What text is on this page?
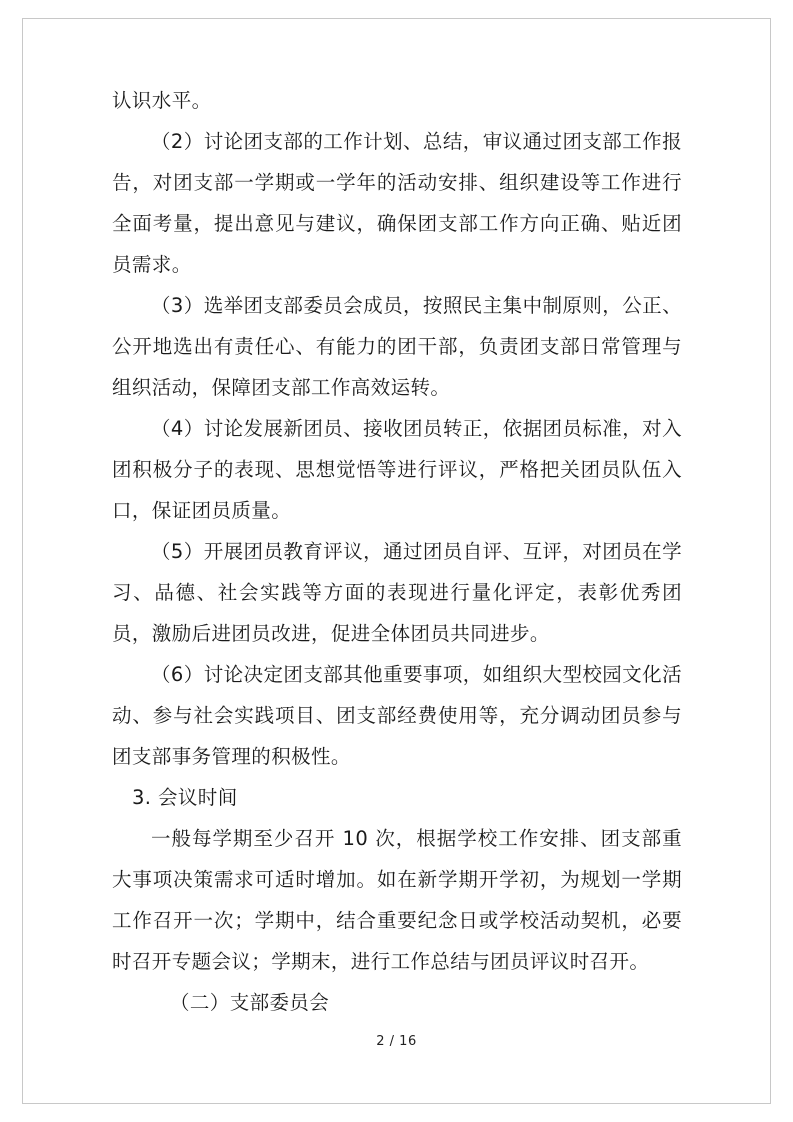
认识水平。

（2）讨论团支部的工作计划、总结，审议通过团支部工作报告，对团支部一学期或一学年的活动安排、组织建设等工作进行全面考量，提出意见与建议，确保团支部工作方向正确、贴近团员需求。

（3）选举团支部委员会成员，按照民主集中制原则，公正、公开地选出有责任心、有能力的团干部，负责团支部日常管理与组织活动，保障团支部工作高效运转。

（4）讨论发展新团员、接收团员转正，依据团员标准，对入团积极分子的表现、思想觉悟等进行评议，严格把关团员队伍入口，保证团员质量。

（5）开展团员教育评议，通过团员自评、互评，对团员在学习、品德、社会实践等方面的表现进行量化评定，表彰优秀团员，激励后进团员改进，促进全体团员共同进步。

（6）讨论决定团支部其他重要事项，如组织大型校园文化活动、参与社会实践项目、团支部经费使用等，充分调动团员参与团支部事务管理的积极性。

3. 会议时间

一般每学期至少召开 10 次，根据学校工作安排、团支部重大事项决策需求可适时增加。如在新学期开学初，为规划一学期工作召开一次；学期中，结合重要纪念日或学校活动契机，必要时召开专题会议；学期末，进行工作总结与团员评议时召开。

（二）支部委员会

2 / 16
